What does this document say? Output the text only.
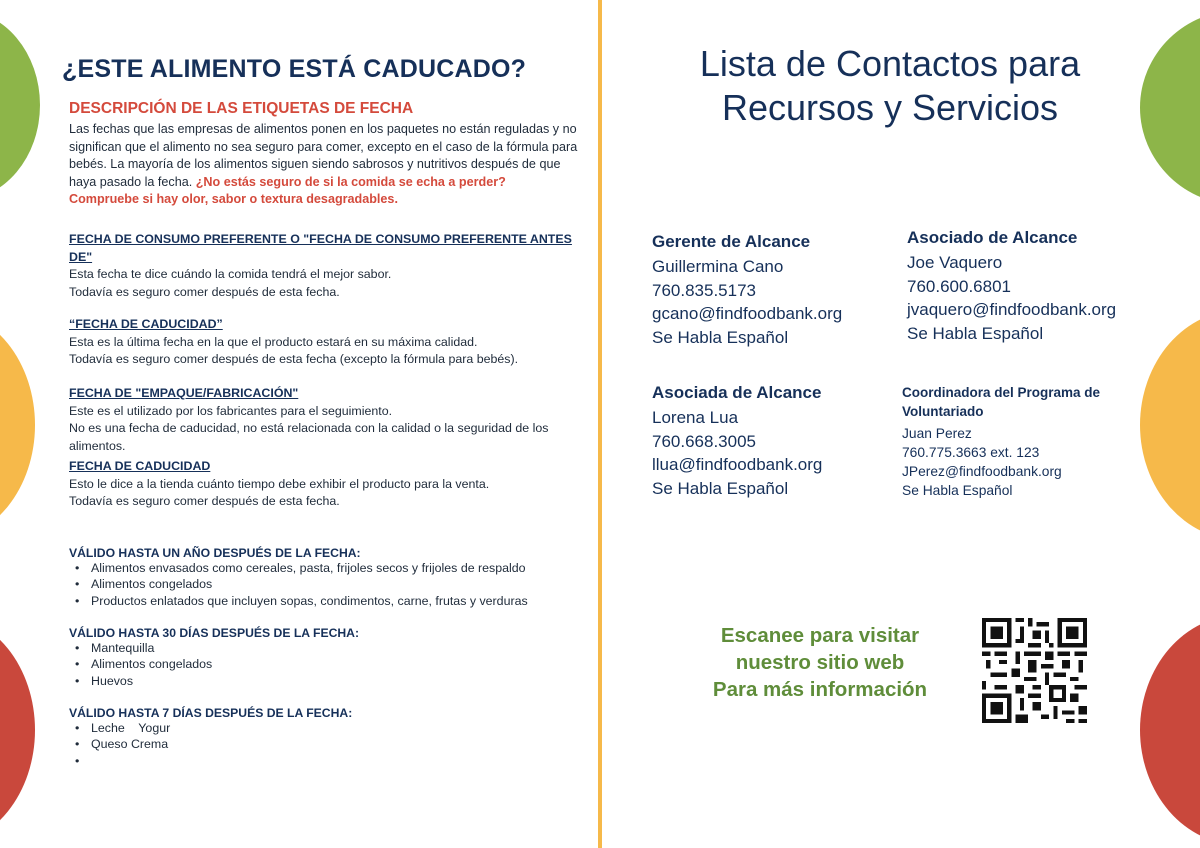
¿ESTE ALIMENTO ESTÁ CADUCADO?
DESCRIPCIÓN DE LAS ETIQUETAS DE FECHA

Las fechas que las empresas de alimentos ponen en los paquetes no están reguladas y no significan que el alimento no sea seguro para comer, excepto en el caso de la fórmula para bebés. La mayoría de los alimentos siguen siendo sabrosos y nutritivos después de que haya pasado la fecha. ¿No estás seguro de si la comida se echa a perder? Compruebe si hay olor, sabor o textura desagradables.

FECHA DE CONSUMO PREFERENTE O "FECHA DE CONSUMO PREFERENTE ANTES DE"

Esta fecha te dice cuándo la comida tendrá el mejor sabor.

Todavía es seguro comer después de esta fecha.

“FECHA DE CADUCIDAD”

Esta es la última fecha en la que el producto estará en su máxima calidad.

Todavía es seguro comer después de esta fecha (excepto la fórmula para bebés).

FECHA DE "EMPAQUE/FABRICACIÓN"

Este es el utilizado por los fabricantes para el seguimiento.

No es una fecha de caducidad, no está relacionada con la calidad o la seguridad de los alimentos.

FECHA DE CADUCIDAD

Esto le dice a la tienda cuánto tiempo debe exhibir el producto para la venta.

Todavía es seguro comer después de esta fecha.

VÁLIDO HASTA UN AÑO DESPUÉS DE LA FECHA:

• Alimentos envasados como cereales, pasta, frijoles secos y frijoles de respaldo
• Alimentos congelados
• Productos enlatados que incluyen sopas, condimentos, carne, frutas y verduras

VÁLIDO HASTA 30 DÍAS DESPUÉS DE LA FECHA:

• Mantequilla
• Alimentos congelados
• Huevos

VÁLIDO HASTA 7 DÍAS DESPUÉS DE LA FECHA:

• Leche    Yogur
• Queso Crema
•
Lista de Contactos para
Recursos y Servicios
Gerente de Alcance
Guillermina Cano
760.835.5173
gcano@findfoodbank.org
Se Habla Español
Asociado de Alcance
Joe Vaquero
760.600.6801
jvaquero@findfoodbank.org
Se Habla Español
Asociada de Alcance
Lorena Lua
760.668.3005
llua@findfoodbank.org
Se Habla Español
Coordinadora del Programa de Voluntariado
Juan Perez
760.775.3663 ext. 123
JPerez@findfoodbank.org
Se Habla Español

Escanee para visitar
nuestro sitio web
Para más información
